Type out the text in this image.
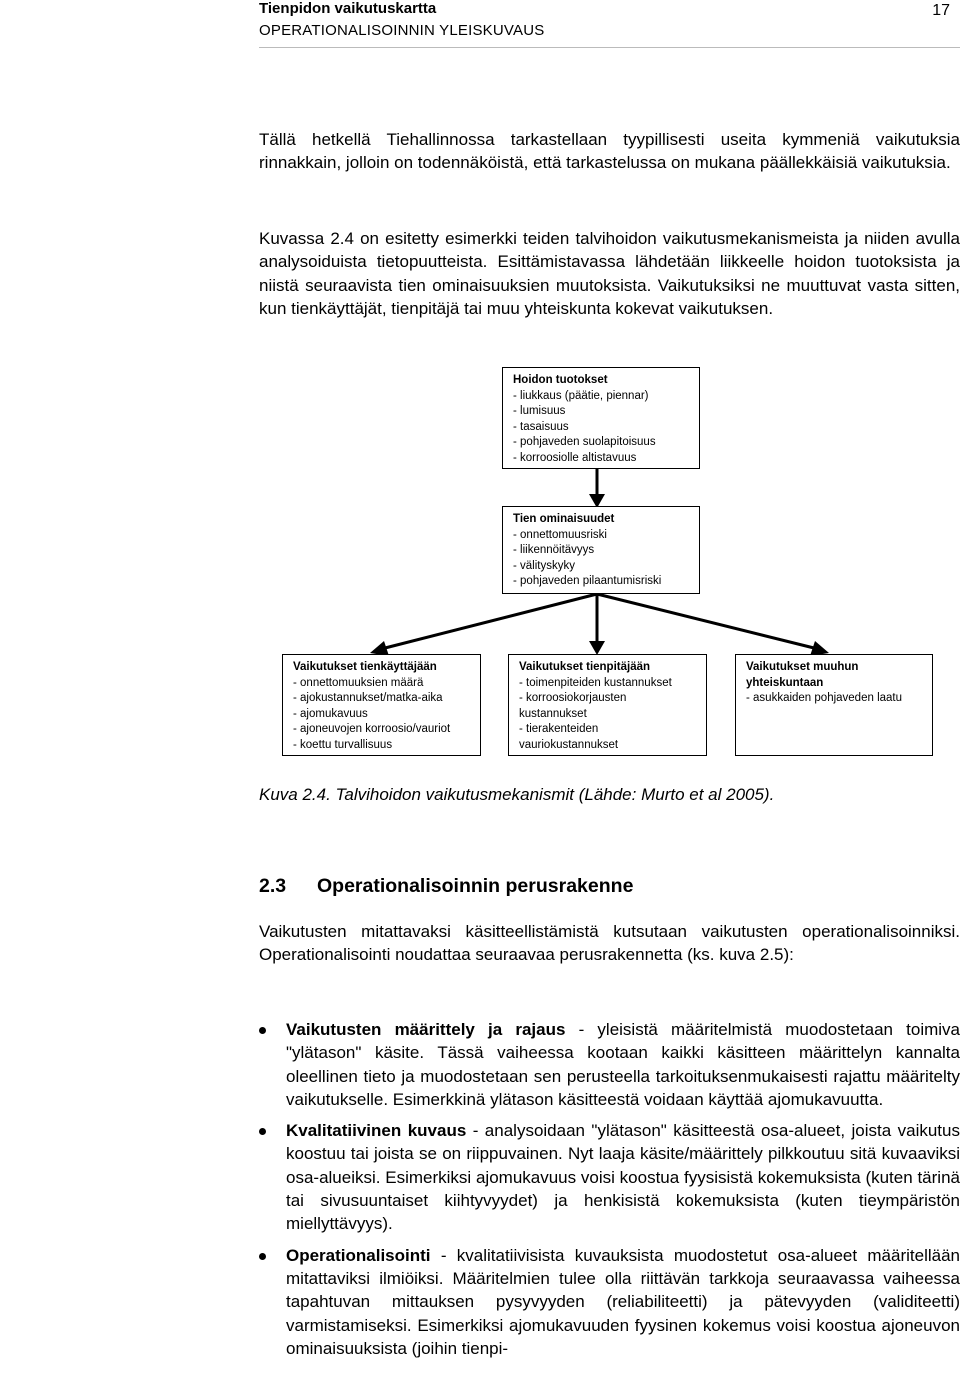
Tienpidon vaikutuskartta
OPERATIONALISOINNIN YLEISKUVAUS
17

Tällä hetkellä Tiehallinnossa tarkastellaan tyypillisesti useita kymmeniä vaikutuksia rinnakkain, jolloin on todennäköistä, että tarkastelussa on mukana päällekkäisiä vaikutuksia.

Kuvassa 2.4 on esitetty esimerkki teiden talvihoidon vaikutusmekanismeista ja niiden avulla analysoiduista tietopuutteista. Esittämistavassa lähdetään liikkeelle hoidon tuotoksista ja niistä seuraavista tien ominaisuuksien muutoksista. Vaikutuksiksi ne muuttuvat vasta sitten, kun tienkäyttäjät, tienpitäjä tai muu yhteiskunta kokevat vaikutuksen.

Hoidon tuotokset
- liukkaus (päätie, piennar)
- lumisuus
- tasaisuus
- pohjaveden suolapitoisuus
- korroosiolle altistavuus
Tien ominaisuudet
- onnettomuusriski
- liikennöitävyys
- välityskyky
- pohjaveden pilaantumisriski
Vaikutukset tienkäyttäjään
- onnettomuuksien määrä
- ajokustannukset/matka-aika
- ajomukavuus
- ajoneuvojen korroosio/vauriot
- koettu turvallisuus
Vaikutukset tienpitäjään
- toimenpiteiden kustannukset
- korroosiokorjausten
kustannukset
- tierakenteiden
vauriokustannukset
Vaikutukset muuhun
yhteiskuntaan
- asukkaiden pohjaveden laatu

Kuva 2.4. Talvihoidon vaikutusmekanismit (Lähde: Murto et al 2005).

2.3 Operationalisoinnin perusrakenne

Vaikutusten mitattavaksi käsitteellistämistä kutsutaan vaikutusten operationalisoinniksi. Operationalisointi noudattaa seuraavaa perusrakennetta (ks. kuva 2.5):

Vaikutusten määrittely ja rajaus - yleisistä määritelmistä muodostetaan toimiva "ylätason" käsite. Tässä vaiheessa kootaan kaikki käsitteen määrittelyn kannalta oleellinen tieto ja muodostetaan sen perusteella tarkoituksenmukaisesti rajattu määritelty vaikutukselle. Esimerkkinä ylätason käsitteestä voidaan käyttää ajomukavuutta.
Kvalitatiivinen kuvaus - analysoidaan "ylätason" käsitteestä osa-alueet, joista vaikutus koostuu tai joista se on riippuvainen. Nyt laaja käsite/määrittely pilkkoutuu sitä kuvaaviksi osa-alueiksi. Esimerkiksi ajomukavuus voisi koostua fyysisistä kokemuksista (kuten tärinä tai sivusuuntaiset kiihtyvyydet) ja henkisistä kokemuksista (kuten tieympäristön miellyttävyys).
Operationalisointi - kvalitatiivisista kuvauksista muodostetut osa-alueet määritellään mitattaviksi ilmiöiksi. Määritelmien tulee olla riittävän tarkkoja seuraavassa vaiheessa tapahtuvan mittauksen pysyvyyden (reliabiliteetti) ja pätevyyden (validiteetti) varmistamiseksi. Esimerkiksi ajomukavuuden fyysinen kokemus voisi koostua ajoneuvon ominaisuuksista (joihin tienpi-
